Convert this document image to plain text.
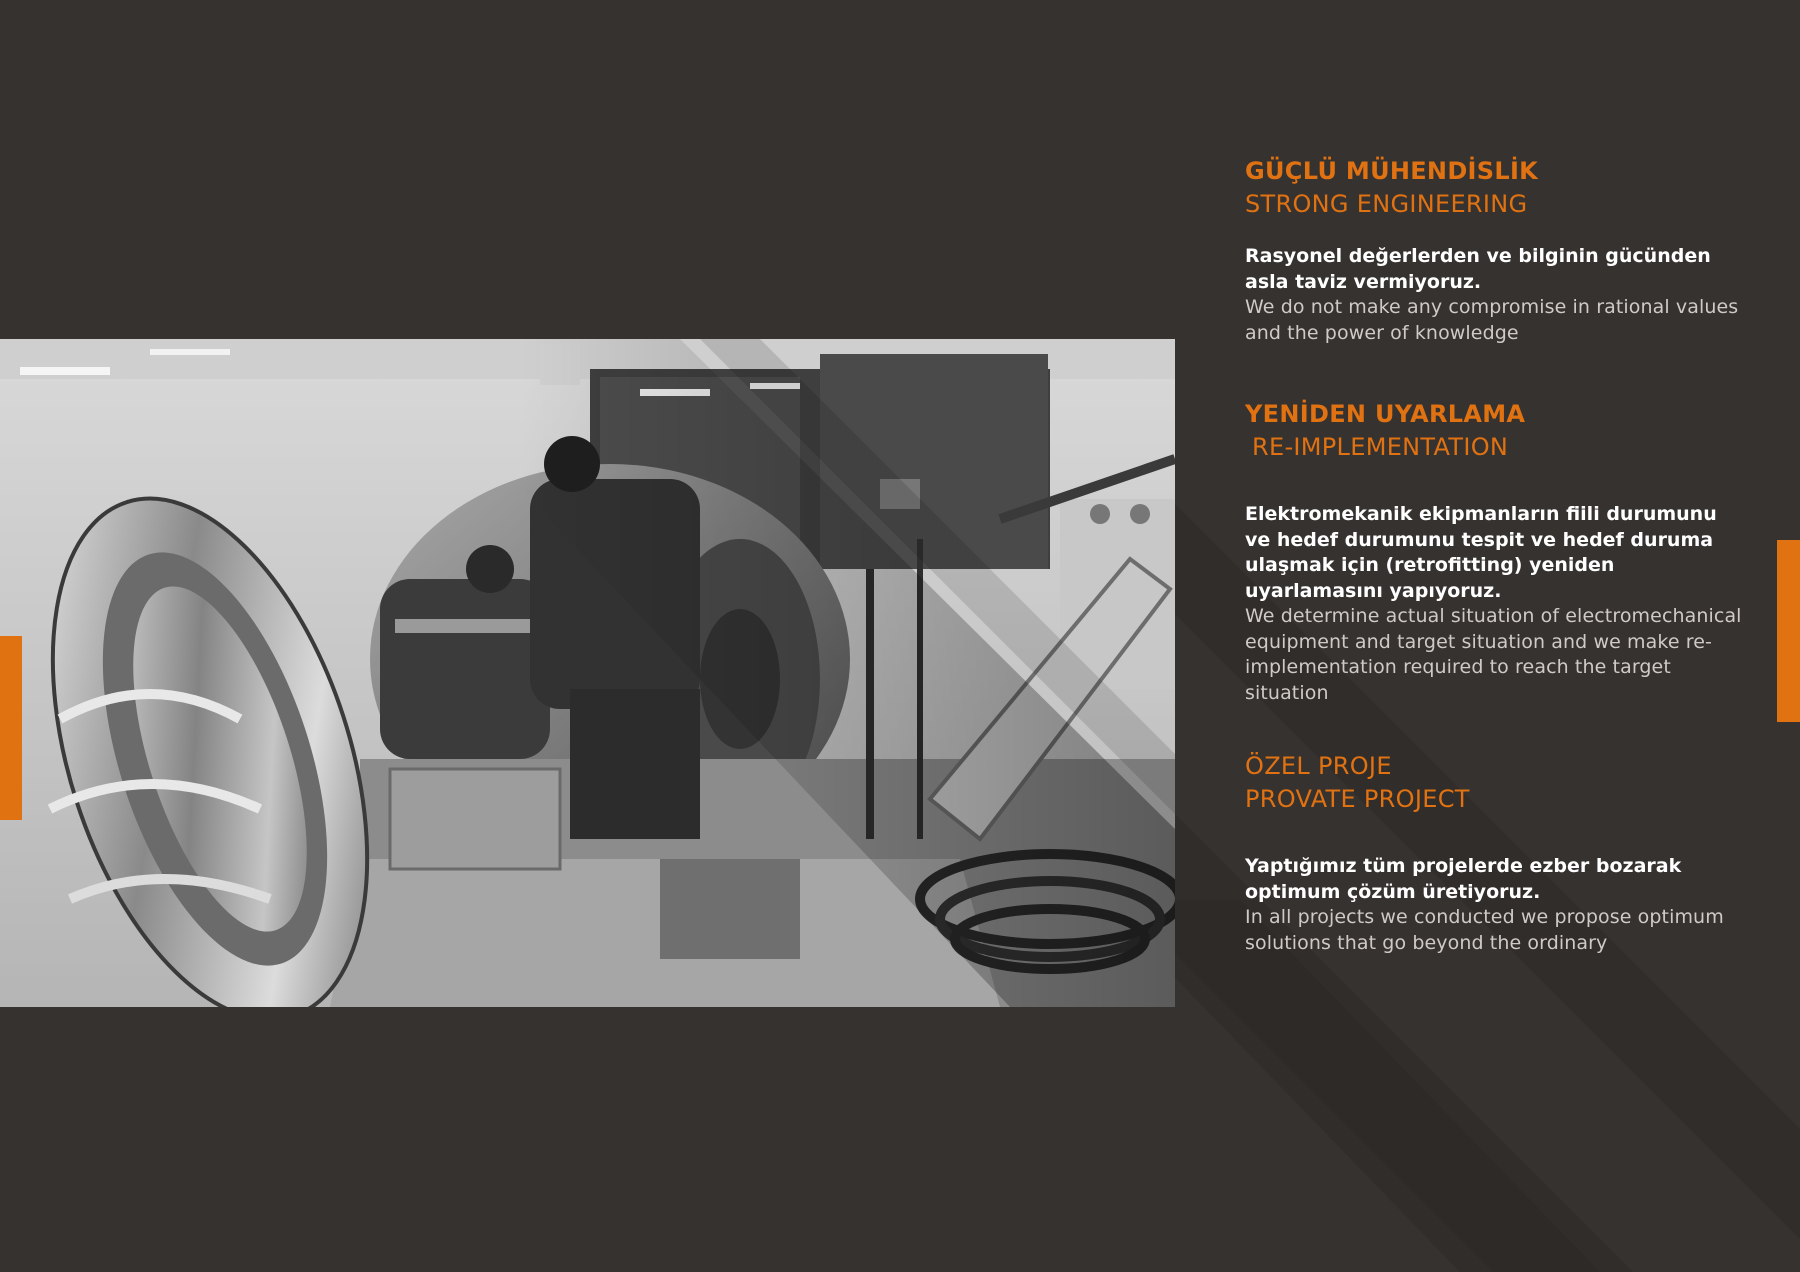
GÜÇLÜ MÜHENDİSLİK

STRONG ENGINEERING

Rasyonel değerlerden ve bilginin gücünden asla taviz vermiyoruz.

We do not make any compromise in rational values and the power of knowledge

YENİDEN UYARLAMA

RE-IMPLEMENTATION

Elektromekanik ekipmanların fiili durumunu ve hedef durumunu tespit ve hedef duruma ulaşmak için (retrofitting) yeniden uyarlamasını yapıyoruz.

We determine actual situation of electromechanical equipment and target situation and we make re-implementation required to reach the target situation

ÖZEL PROJE

PROVATE PROJECT

Yaptığımız tüm projelerde ezber bozarak optimum çözüm üretiyoruz.

In all projects we conducted we propose optimum solutions that go beyond the ordinary
